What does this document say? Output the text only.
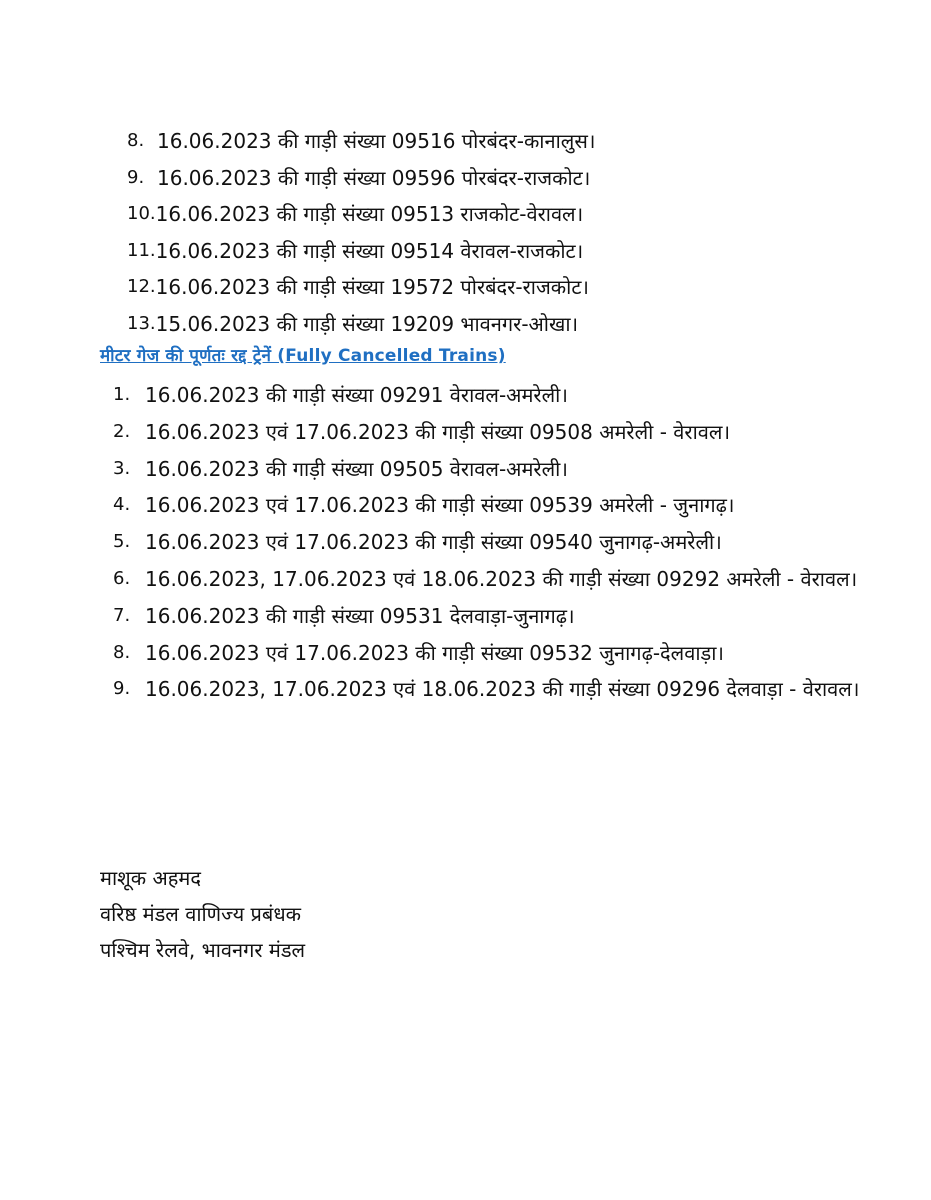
8. 16.06.2023 की गाड़ी संख्या 09516 पोरबंदर-कानालुस।
9. 16.06.2023 की गाड़ी संख्या 09596 पोरबंदर-राजकोट।
10. 16.06.2023 की गाड़ी संख्या 09513 राजकोट-वेरावल।
11. 16.06.2023 की गाड़ी संख्या 09514 वेरावल-राजकोट।
12. 16.06.2023 की गाड़ी संख्या 19572 पोरबंदर-राजकोट।
13. 15.06.2023 की गाड़ी संख्या 19209 भावनगर-ओखा।
मीटर गेज की पूर्णतः रद्द ट्रेनें (Fully Cancelled Trains)
1. 16.06.2023 की गाड़ी संख्या 09291 वेरावल-अमरेली।
2. 16.06.2023 एवं 17.06.2023 की गाड़ी संख्या 09508 अमरेली - वेरावल।
3. 16.06.2023 की गाड़ी संख्या 09505 वेरावल-अमरेली।
4. 16.06.2023 एवं 17.06.2023 की गाड़ी संख्या 09539 अमरेली - जुनागढ़।
5. 16.06.2023 एवं 17.06.2023 की गाड़ी संख्या 09540 जुनागढ़-अमरेली।
6. 16.06.2023, 17.06.2023 एवं 18.06.2023 की गाड़ी संख्या 09292 अमरेली - वेरावल।
7. 16.06.2023 की गाड़ी संख्या 09531 देलवाड़ा-जुनागढ़।
8. 16.06.2023 एवं 17.06.2023 की गाड़ी संख्या 09532 जुनागढ़-देलवाड़ा।
9. 16.06.2023, 17.06.2023 एवं 18.06.2023 की गाड़ी संख्या 09296 देलवाड़ा - वेरावल।
माशूक अहमद
वरिष्ठ मंडल वाणिज्य प्रबंधक
पश्चिम रेलवे, भावनगर मंडल
